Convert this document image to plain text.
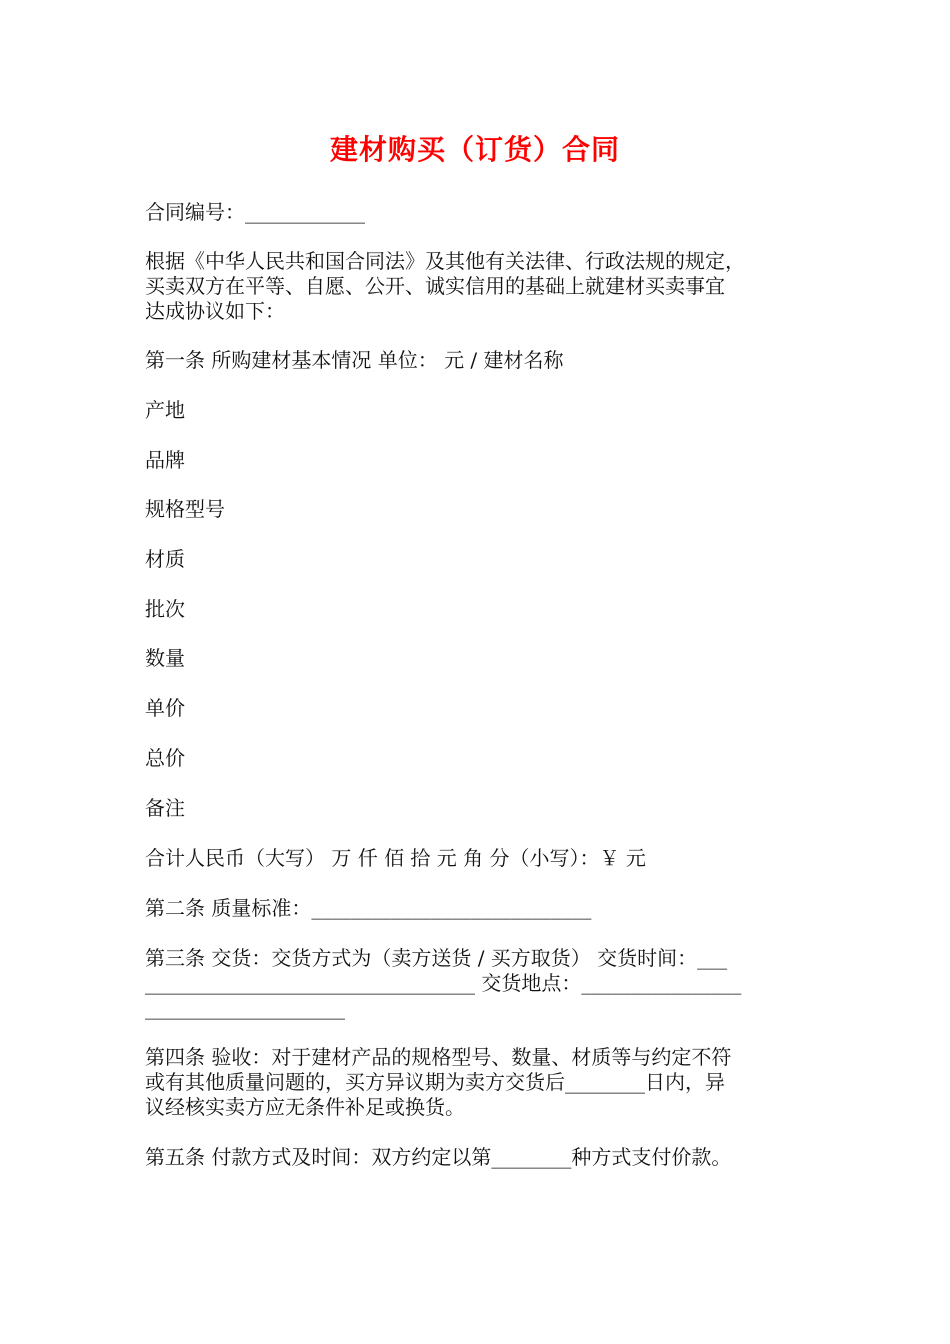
建材购买（订货）合同
合同编号：____________
根据《中华人民共和国合同法》及其他有关法律、行政法规的规定，
买卖双方在平等、自愿、公开、诚实信用的基础上就建材买卖事宜
达成协议如下：
第一条 所购建材基本情况 单位： 元 / 建材名称
产地
品牌
规格型号
材质
批次
数量
单价
总价
备注
合计人民币（大写） 万 仟 佰 拾 元 角 分（小写）：￥ 元
第二条 质量标准：____________________________
第三条 交货：交货方式为（卖方送货 / 买方取货） 交货时间：___
_________________________________ 交货地点：________________
____________________
第四条 验收：对于建材产品的规格型号、数量、材质等与约定不符
或有其他质量问题的，买方异议期为卖方交货后________日内，异
议经核实卖方应无条件补足或换货。
第五条 付款方式及时间：双方约定以第________种方式支付价款。
